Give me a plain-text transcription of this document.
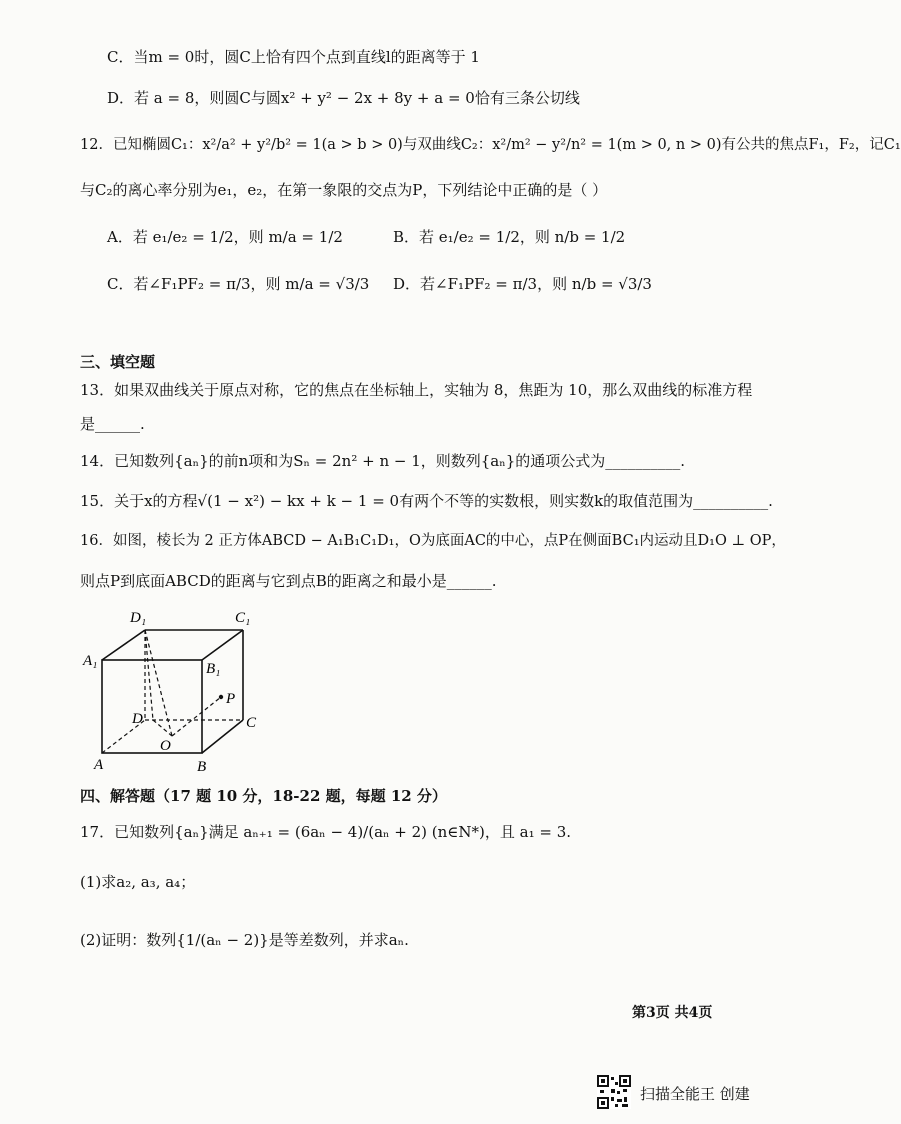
C．当m = 0时，圆C上恰有四个点到直线l的距离等于 1
D．若 a = 8，则圆C与圆x² + y² − 2x + 8y + a = 0恰有三条公切线
12．已知椭圆C₁：x²/a² + y²/b² = 1(a > b > 0)与双曲线C₂：x²/m² − y²/n² = 1(m > 0, n > 0)有公共的焦点F₁，F₂，记C₁
与C₂的离心率分别为e₁，e₂，在第一象限的交点为P，下列结论中正确的是（ ）
A．若 e₁/e₂ = 1/2，则 m/a = 1/2	B．若 e₁/e₂ = 1/2，则 n/b = 1/2
C．若∠F₁PF₂ = π/3，则 m/a = √3/3 D．若∠F₁PF₂ = π/3，则 n/b = √3/3
三、填空题
13．如果双曲线关于原点对称，它的焦点在坐标轴上，实轴为 8，焦距为 10，那么双曲线的标准方程
是______.
14．已知数列{aₙ}的前n项和为Sₙ = 2n² + n − 1，则数列{aₙ}的通项公式为__________.
15．关于x的方程√(1 − x²) − kx + k − 1 = 0有两个不等的实数根，则实数k的取值范围为__________.
16．如图，棱长为 2 正方体ABCD − A₁B₁C₁D₁，O为底面AC的中心，点P在侧面BC₁内运动且D₁O ⊥ OP，
则点P到底面ABCD的距离与它到点B的距离之和最小是______.
D₁	C₁
A₁	B₁
P
D	C
O
A	B
四、解答题（17 题 10 分，18-22 题，每题 12 分）
17．已知数列{aₙ}满足 aₙ₊₁ = (6aₙ − 4)/(aₙ + 2) (n∈N*)，且 a₁ = 3.
(1)求a₂, a₃, a₄；
(2)证明：数列{1/(aₙ − 2)}是等差数列，并求aₙ.
第3页 共4页
扫描全能王 创建
